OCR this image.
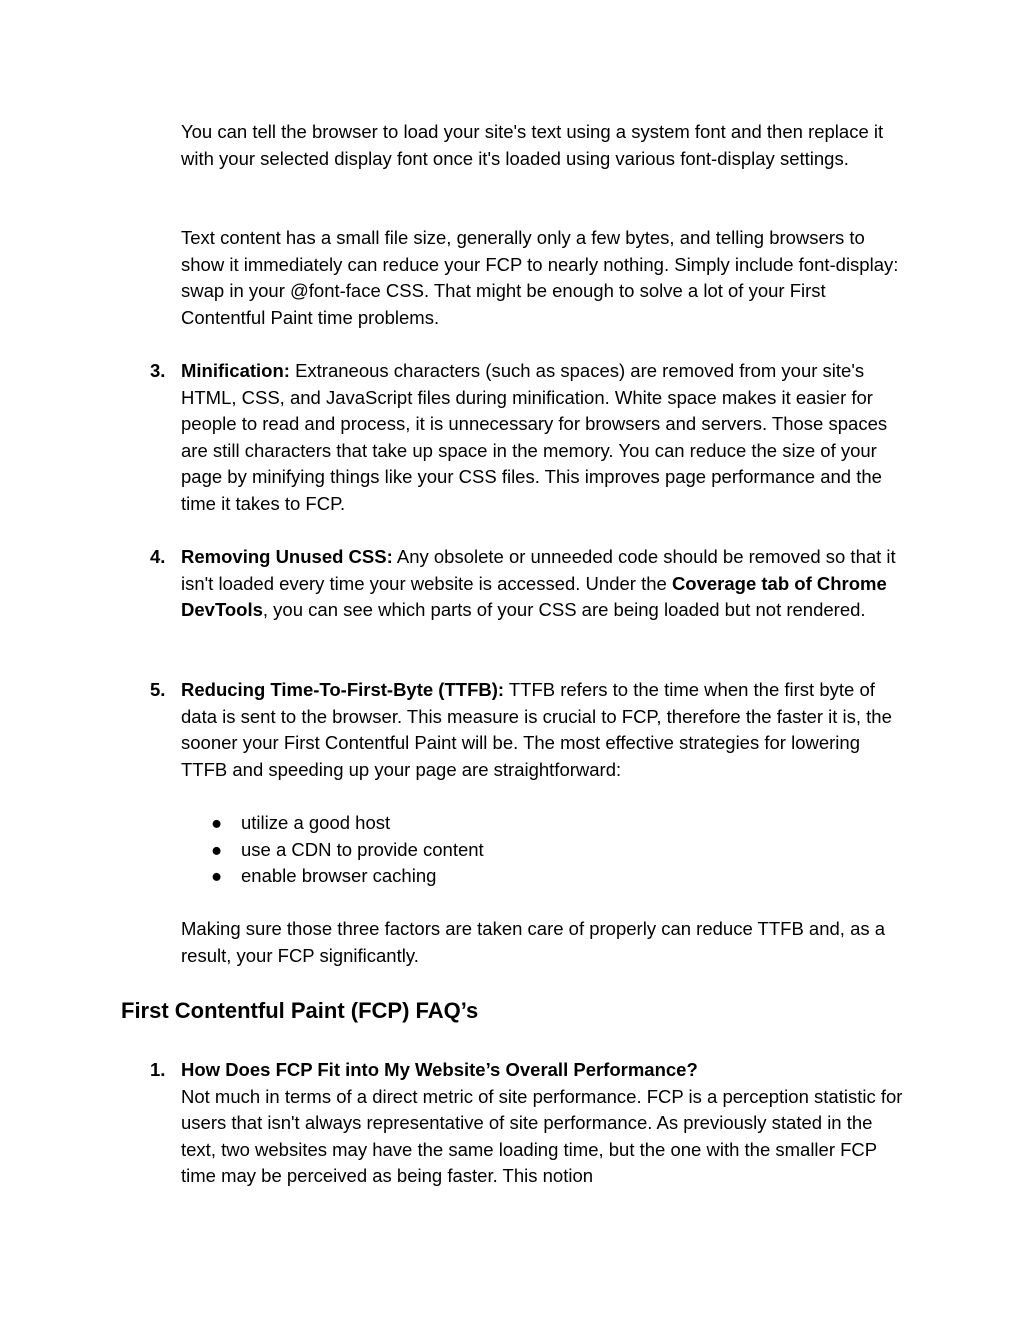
You can tell the browser to load your site's text using a system font and then replace it with your selected display font once it's loaded using various font-display settings.

Text content has a small file size, generally only a few bytes, and telling browsers to show it immediately can reduce your FCP to nearly nothing. Simply include font-display: swap in your @font-face CSS. That might be enough to solve a lot of your First Contentful Paint time problems.

3. Minification: Extraneous characters (such as spaces) are removed from your site's HTML, CSS, and JavaScript files during minification. White space makes it easier for people to read and process, it is unnecessary for browsers and servers. Those spaces are still characters that take up space in the memory. You can reduce the size of your page by minifying things like your CSS files. This improves page performance and the time it takes to FCP.
4. Removing Unused CSS: Any obsolete or unneeded code should be removed so that it isn't loaded every time your website is accessed. Under the Coverage tab of Chrome DevTools, you can see which parts of your CSS are being loaded but not rendered.
5. Reducing Time-To-First-Byte (TTFB): TTFB refers to the time when the first byte of data is sent to the browser. This measure is crucial to FCP, therefore the faster it is, the sooner your First Contentful Paint will be. The most effective strategies for lowering TTFB and speeding up your page are straightforward:
● utilize a good host
● use a CDN to provide content
● enable browser caching

Making sure those three factors are taken care of properly can reduce TTFB and, as a result, your FCP significantly.

First Contentful Paint (FCP) FAQ’s
1. How Does FCP Fit into My Website’s Overall Performance?
Not much in terms of a direct metric of site performance. FCP is a perception statistic for users that isn't always representative of site performance. As previously stated in the text, two websites may have the same loading time, but the one with the smaller FCP time may be perceived as being faster. This notion
